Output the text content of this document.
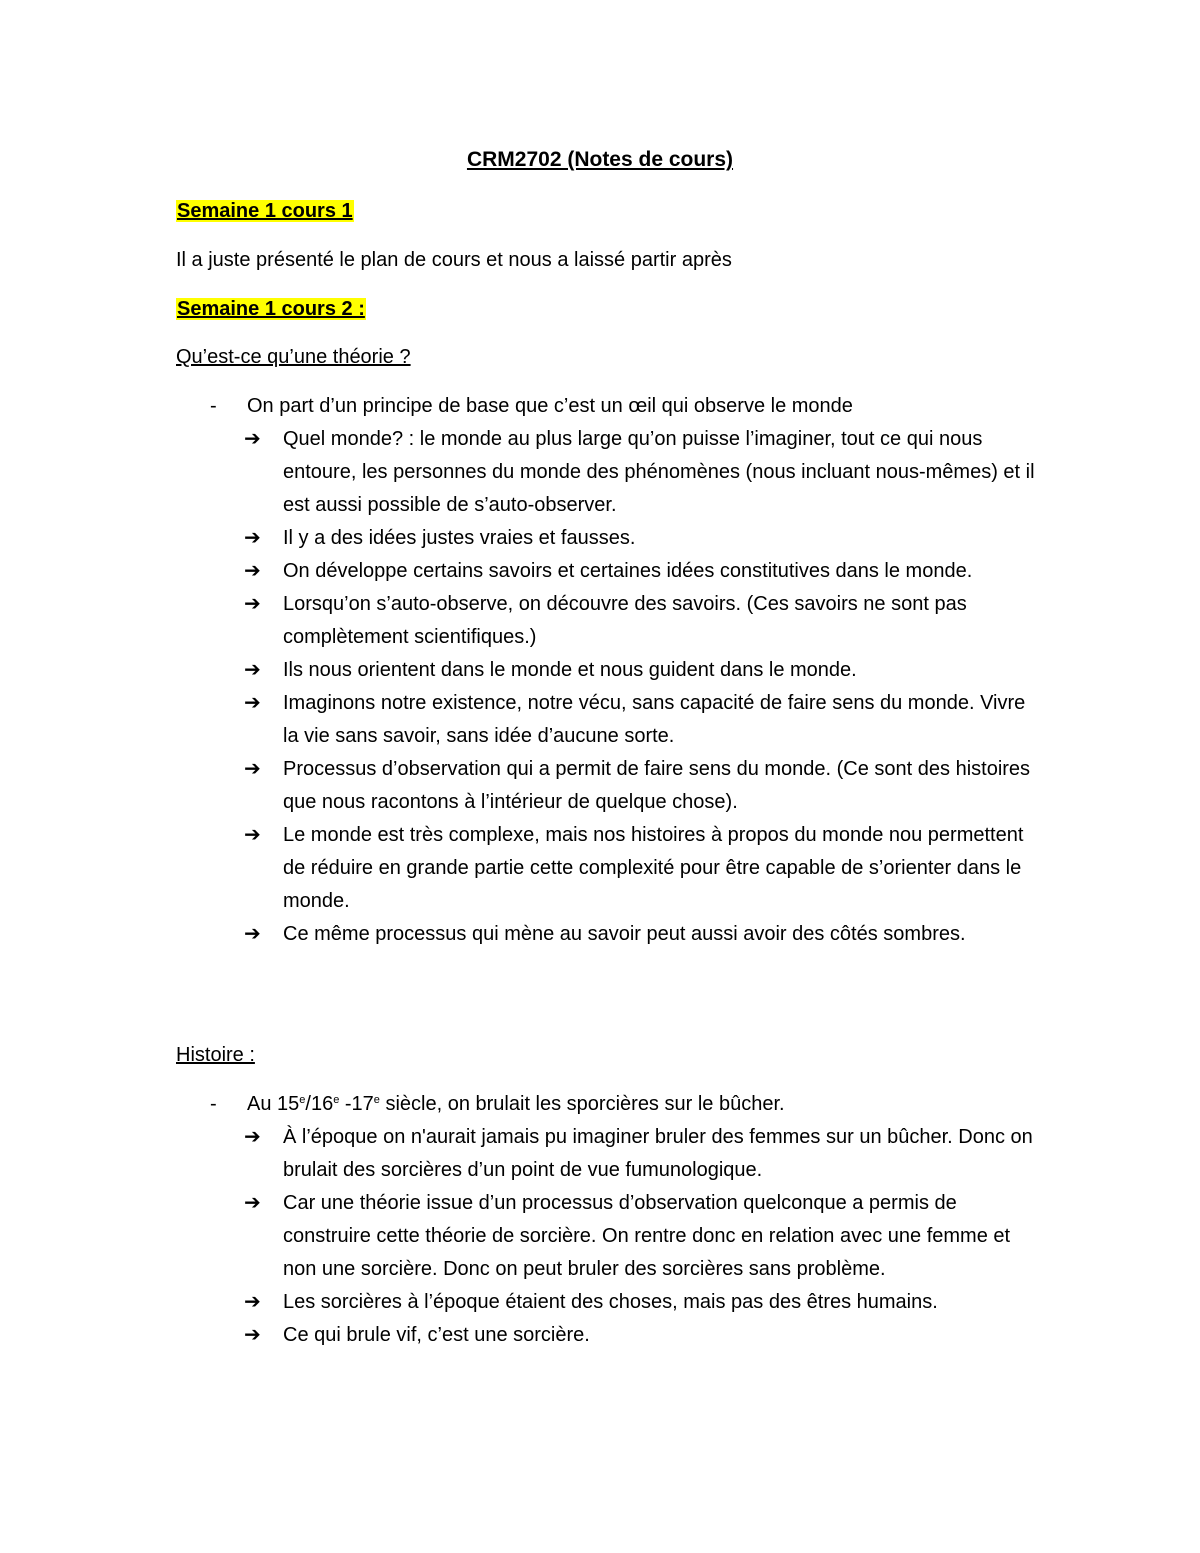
CRM2702 (Notes de cours)

Semaine 1 cours 1

Il a juste présenté le plan de cours et nous a laissé partir après

Semaine 1 cours 2 :

Qu’est-ce qu’une théorie ?

- On part d’un principe de base que c’est un œil qui observe le monde
➔ Quel monde? : le monde au plus large qu’on puisse l’imaginer, tout ce qui nous entoure, les personnes du monde des phénomènes (nous incluant nous-mêmes) et il est aussi possible de s’auto-observer.
➔ Il y a des idées justes vraies et fausses.
➔ On développe certains savoirs et certaines idées constitutives dans le monde.
➔ Lorsqu’on s’auto-observe, on découvre des savoirs. (Ces savoirs ne sont pas complètement scientifiques.)
➔ Ils nous orientent dans le monde et nous guident dans le monde.
➔ Imaginons notre existence, notre vécu, sans capacité de faire sens du monde. Vivre la vie sans savoir, sans idée d’aucune sorte.
➔ Processus d’observation qui a permit de faire sens du monde. (Ce sont des histoires que nous racontons à l’intérieur de quelque chose).
➔ Le monde est très complexe, mais nos histoires à propos du monde nou permettent de réduire en grande partie cette complexité pour être capable de s’orienter dans le monde.
➔ Ce même processus qui mène au savoir peut aussi avoir des côtés sombres.

Histoire :

- Au 15e/16e -17e siècle, on brulait les sporcières sur le bûcher.
➔ À l’époque on n'aurait jamais pu imaginer bruler des femmes sur un bûcher. Donc on brulait des sorcières d’un point de vue fumunologique.
➔ Car une théorie issue d’un processus d’observation quelconque a permis de construire cette théorie de sorcière. On rentre donc en relation avec une femme et non une sorcière. Donc on peut bruler des sorcières sans problème.
➔ Les sorcières à l’époque étaient des choses, mais pas des êtres humains.
➔ Ce qui brule vif, c’est une sorcière.
